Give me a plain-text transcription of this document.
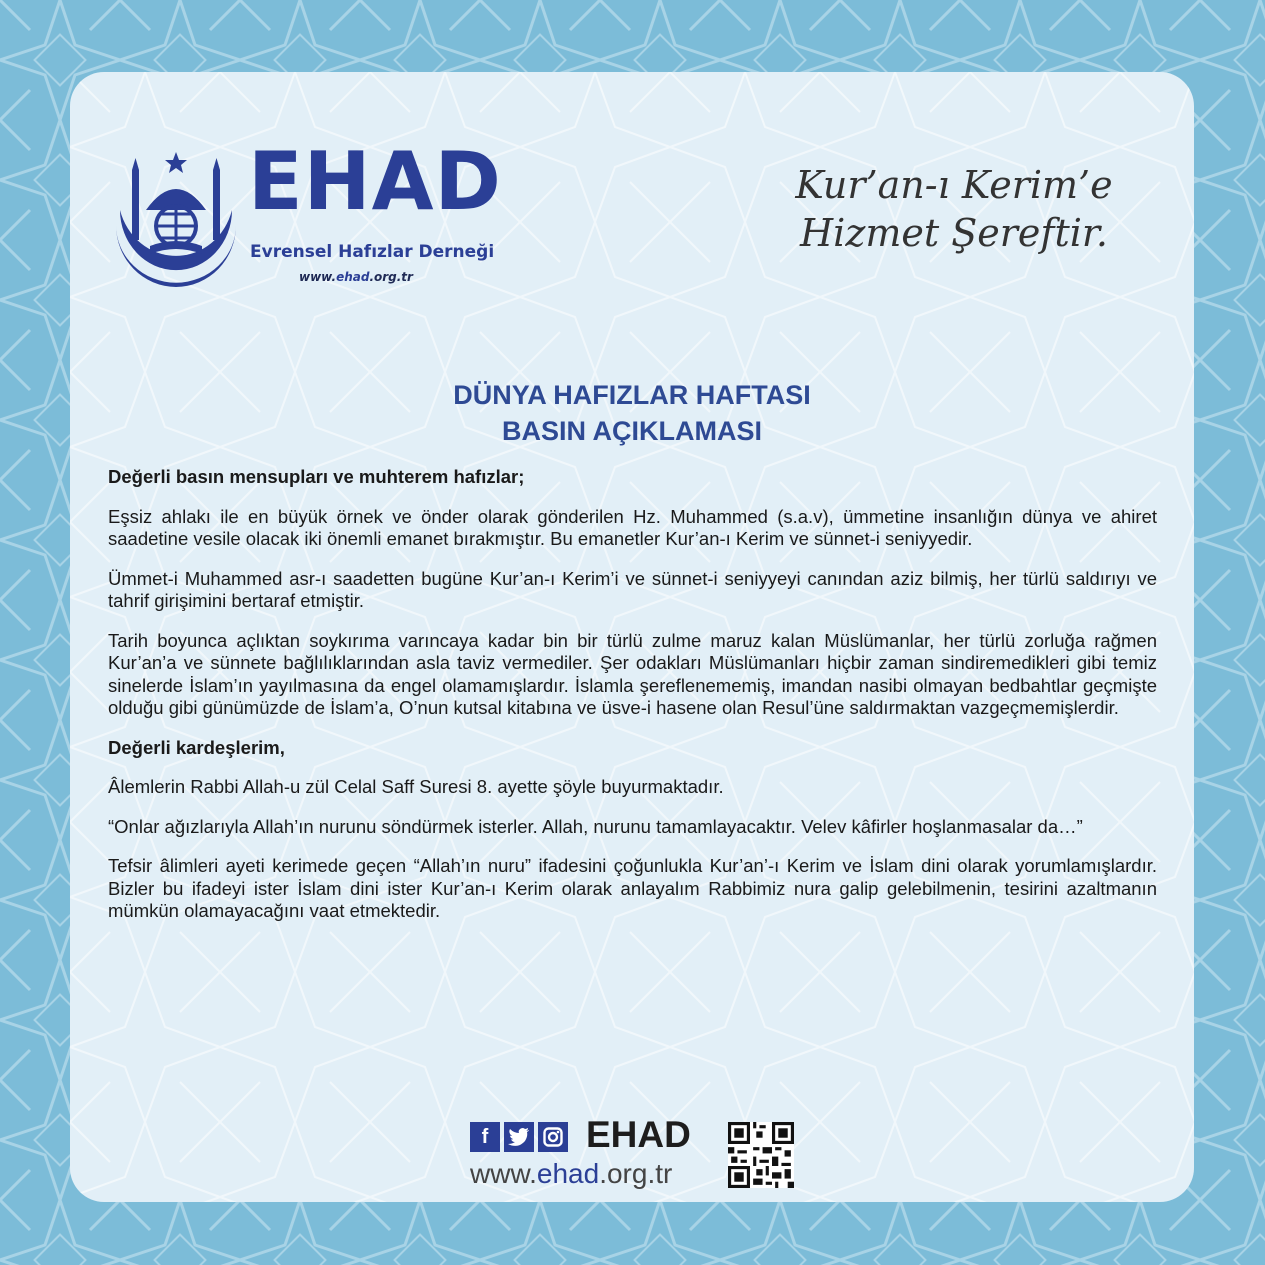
EHAD
Evrensel Hafızlar Derneği
www.ehad.org.tr
Kur’an-ı Kerim’e
Hizmet Şereftir.
DÜNYA HAFIZLAR HAFTASI
BASIN AÇIKLAMASI

Değerli basın mensupları ve muhterem hafızlar;

Eşsiz ahlakı ile en büyük örnek ve önder olarak gönderilen Hz. Muhammed (s.a.v), ümmetine insanlığın dünya ve ahiret saadetine vesile olacak iki önemli emanet bırakmıştır. Bu emanetler Kur’an-ı Kerim ve sünnet-i seniyyedir.

Ümmet-i Muhammed asr-ı saadetten bugüne Kur’an-ı Kerim’i ve sünnet-i seniyyeyi canından aziz bilmiş, her türlü saldırıyı ve tahrif girişimini bertaraf etmiştir.

Tarih boyunca açlıktan soykırıma varıncaya kadar bin bir türlü zulme maruz kalan Müslümanlar, her türlü zorluğa rağmen Kur’an’a ve sünnete bağlılıklarından asla taviz vermediler. Şer odakları Müslümanları hiçbir zaman sindiremedikleri gibi temiz sinelerde İslam’ın yayılmasına da engel olamamışlardır. İslamla şereflenememiş, imandan nasibi olmayan bedbahtlar geçmişte olduğu gibi günümüzde de İslam’a, O’nun kutsal kitabına ve üsve-i hasene olan Resul’üne saldırmaktan vazgeçmemişlerdir.

Değerli kardeşlerim,

Âlemlerin Rabbi Allah-u zül Celal Saff Suresi 8. ayette şöyle buyurmaktadır.

“Onlar ağızlarıyla Allah’ın nurunu söndürmek isterler. Allah, nurunu tamamlayacaktır. Velev kâfirler hoşlanmasalar da…”

Tefsir âlimleri ayeti kerimede geçen “Allah’ın nuru” ifadesini çoğunlukla Kur’an’-ı Kerim ve İslam dini olarak yorumlamışlardır. Bizler bu ifadeyi ister İslam dini ister Kur’an-ı Kerim olarak anlayalım Rabbimiz nura galip gelebilmenin, tesirini azaltmanın mümkün olamayacağını vaat etmektedir.

f	EHAD
www.ehad.org.tr
